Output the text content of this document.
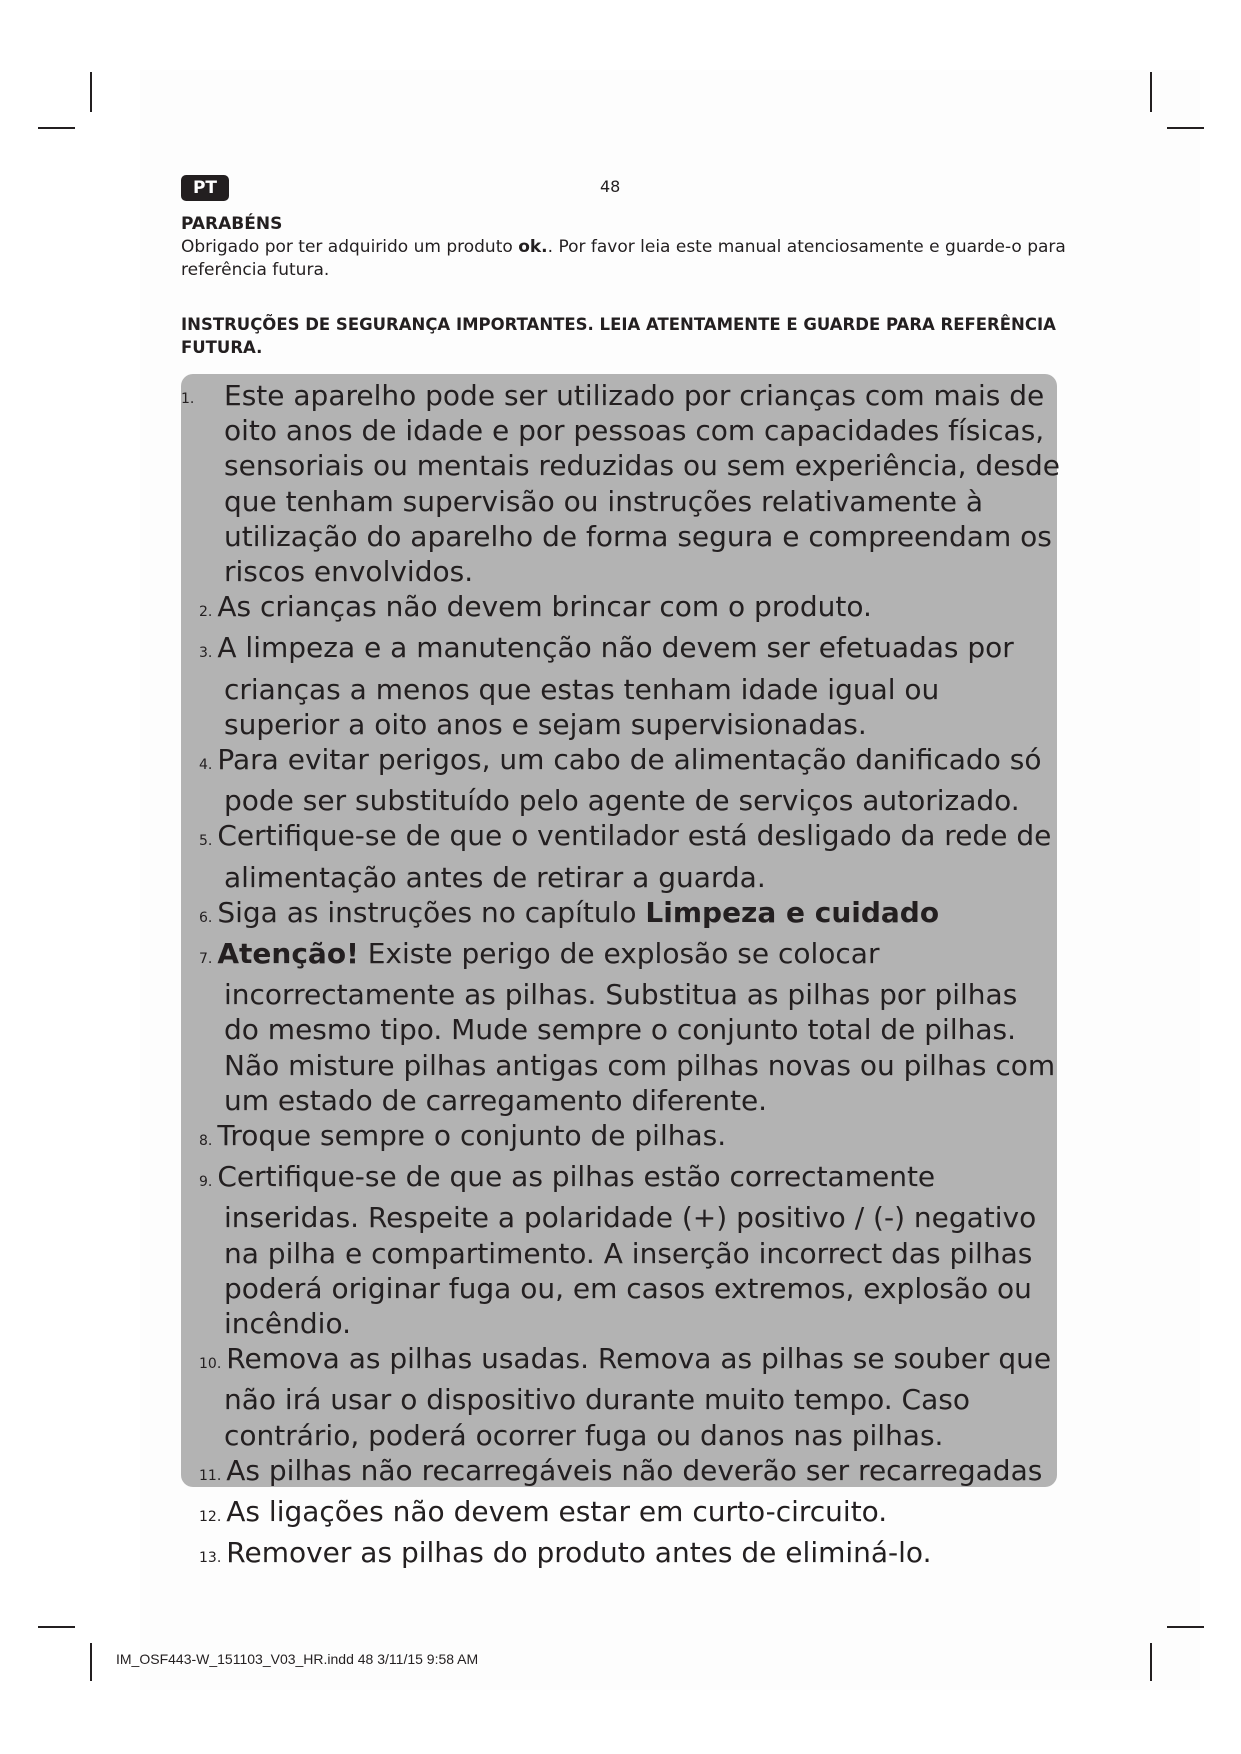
PT	48
PARABÉNS
Obrigado por ter adquirido um produto ok.. Por favor leia este manual atenciosamente e guarde-o para referência futura.
INSTRUÇÕES DE SEGURANÇA IMPORTANTES. LEIA ATENTAMENTE E GUARDE PARA REFERÊNCIA FUTURA.
1. Este aparelho pode ser utilizado por crianças com mais de oito anos de idade e por pessoas com capacidades físicas, sensoriais ou mentais reduzidas ou sem experiência, desde que tenham supervisão ou instruções relativamente à utilização do aparelho de forma segura e compreendam os riscos envolvidos.
2. As crianças não devem brincar com o produto.
3. A limpeza e a manutenção não devem ser efetuadas por crianças a menos que estas tenham idade igual ou superior a oito anos e sejam supervisionadas.
4. Para evitar perigos, um cabo de alimentação danificado só pode ser substituído pelo agente de serviços autorizado.
5. Certifique-se de que o ventilador está desligado da rede de alimentação antes de retirar a guarda.
6. Siga as instruções no capítulo Limpeza e cuidado
7. Atenção! Existe perigo de explosão se colocar incorrectamente as pilhas. Substitua as pilhas por pilhas do mesmo tipo. Mude sempre o conjunto total de pilhas. Não misture pilhas antigas com pilhas novas ou pilhas com um estado de carregamento diferente.
8. Troque sempre o conjunto de pilhas.
9. Certifique-se de que as pilhas estão correctamente inseridas. Respeite a polaridade (+) positivo / (-) negativo na pilha e compartimento. A inserção incorrect das pilhas poderá originar fuga ou, em casos extremos, explosão ou incêndio.
10. Remova as pilhas usadas. Remova as pilhas se souber que não irá usar o dispositivo durante muito tempo. Caso contrário, poderá ocorrer fuga ou danos nas pilhas.
11. As pilhas não recarregáveis não deverão ser recarregadas
12. As ligações não devem estar em curto-circuito.
13. Remover as pilhas do produto antes de eliminá-lo.
IM_OSF443-W_151103_V03_HR.indd 48 3/11/15 9:58 AM
